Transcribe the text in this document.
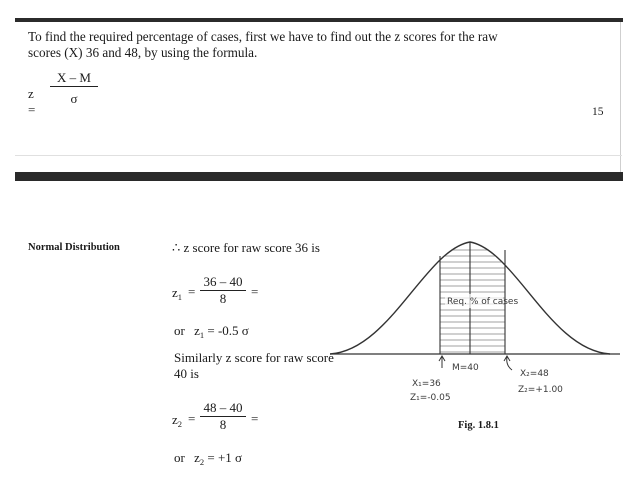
To find the required percentage of cases, first we have to find out the z scores for the raw scores (X) 36 and 48, by using the formula.
z =
X – M
σ
15
Normal Distribution	∴ z score for raw score 36 is
$z_1$ =
36 – 40
8	=
or $z_1 = -0.5$ σ
Similarly z score for raw score
40 is
$z_2$ =
48 – 40
8	=
or $z_2 = +1$ σ
Req. % of cases
M=40
X₁=36
Z₁=-0.05
X₂=48
Z₂=+1.00
Fig. 1.8.1
